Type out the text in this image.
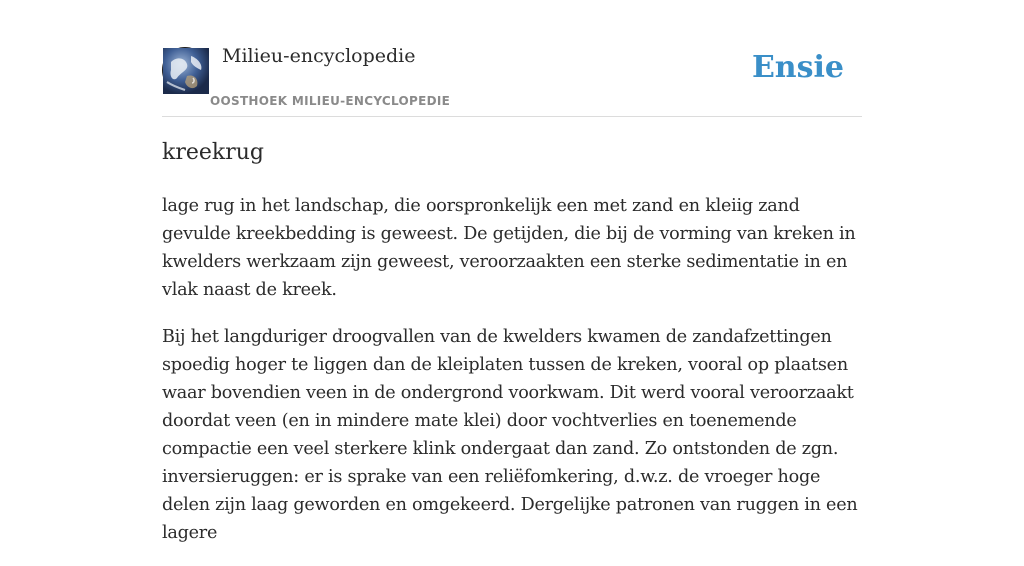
Milieu-encyclopedie
OOSTHOEK MILIEU-ENCYCLOPEDIE
Ensie
kreekrug

lage rug in het landschap, die oorspronkelijk een met zand en kleiig zand gevulde kreekbedding is geweest. De getijden, die bij de vorming van kreken in kwelders werkzaam zijn geweest, veroorzaakten een sterke sedimentatie in en vlak naast de kreek.

Bij het langduriger droogvallen van de kwelders kwamen de zandafzettingen spoedig hoger te liggen dan de kleiplaten tussen de kreken, vooral op plaatsen waar bovendien veen in de ondergrond voorkwam. Dit werd vooral veroorzaakt doordat veen (en in mindere mate klei) door vochtverlies en toenemende compactie een veel sterkere klink ondergaat dan zand. Zo ontstonden de zgn. inversieruggen: er is sprake van een reliëfomkering, d.w.z. de vroeger hoge delen zijn laag geworden en omgekeerd. Dergelijke patronen van ruggen in een lagere
